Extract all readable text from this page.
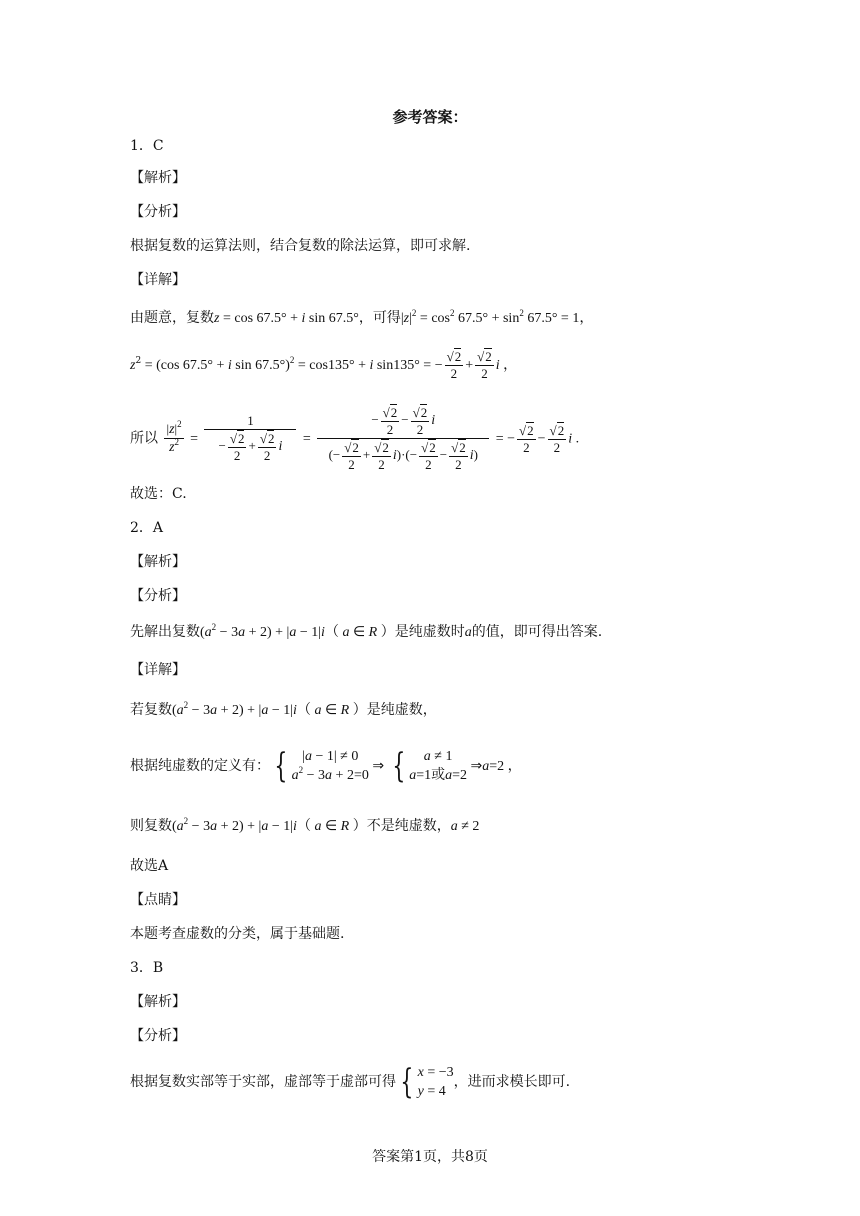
参考答案：
1．C
【解析】
【分析】
根据复数的运算法则，结合复数的除法运算，即可求解.
【详解】
由题意，复数z = cos 67.5° + i sin 67.5°，可得$|z|^2 = \cos^2 67.5^\circ + \sin^2 67.5^\circ = 1$，
$z^2 = (\cos$ 67.5° + i sin 67.5°)$^2$ = cos135° + i sin135° = − $\frac{√2}{2} + \frac{√2}{2}$ i ，
所以 $\frac{|z|^2}{z^2} = \frac{1}{- \frac{√2}{2} + \frac{√2}{2} i} = \frac{- \frac{√2}{2} - \frac{√2}{2} i}{(- \frac{√2}{2} + \frac{√2}{2} i)\cdot(- \frac{√2}{2} - \frac{√2}{2} i)}$ = − $\frac{√2}{2} - \frac{√2}{2}$ i .
故选：C.
2．A
【解析】
【分析】
先解出复数$(a^2 - 3a + 2) + |a - 1|i$（ a ∈ R ）是纯虚数时a的值，即可得出答案.
【详解】
若复数$(a^2 - 3a + 2) + |a - 1|i$（ a ∈ R ）是纯虚数，
根据纯虚数的定义有： {	|a − 1| ≠ 0
$a^2 - 3a + 2=0$
⇒ {	a ≠ 1
a=1或a=2
⇒a=2 ，
则复数$(a^2 - 3a + 2) + |a - 1|i$（ a ∈ R ）不是纯虚数，a ≠ 2
故选A
【点睛】
本题考查虚数的分类，属于基础题.
3．B
【解析】
【分析】
根据复数实部等于实部，虚部等于虚部可得 { x = −3
y = 4
，进而求模长即可.
答案第1页，共8页
